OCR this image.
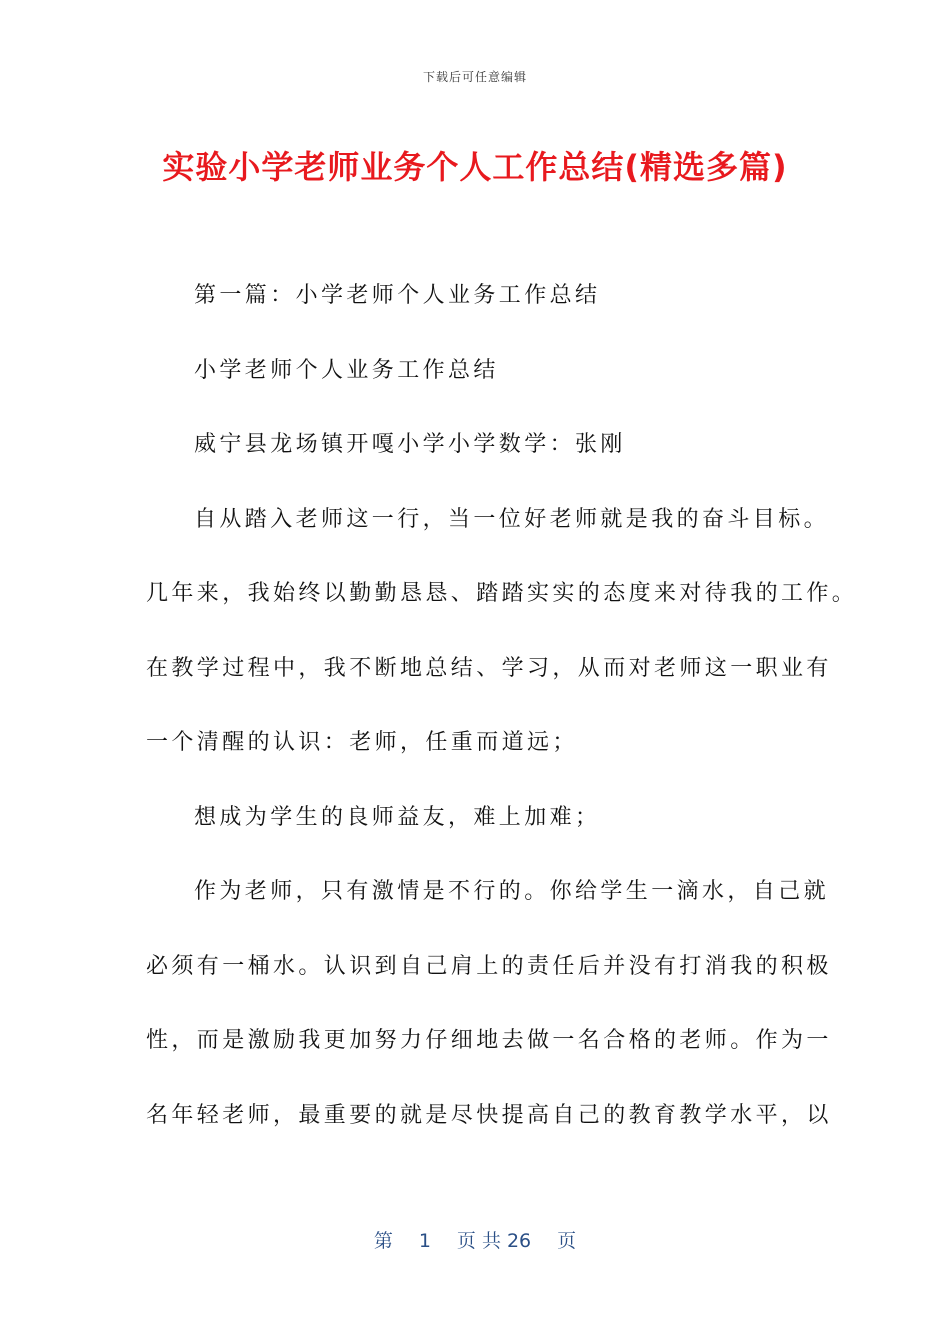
下载后可任意编辑
实验小学老师业务个人工作总结(精选多篇)
第一篇：小学老师个人业务工作总结
小学老师个人业务工作总结
威宁县龙场镇开嘎小学小学数学：张刚
自从踏入老师这一行，当一位好老师就是我的奋斗目标。
几年来，我始终以勤勤恳恳、踏踏实实的态度来对待我的工作。
在教学过程中，我不断地总结、学习，从而对老师这一职业有
一个清醒的认识：老师，任重而道远；
想成为学生的良师益友，难上加难；
作为老师，只有激情是不行的。你给学生一滴水，自己就
必须有一桶水。认识到自己肩上的责任后并没有打消我的积极
性，而是激励我更加努力仔细地去做一名合格的老师。作为一
名年轻老师，最重要的就是尽快提高自己的教育教学水平，以
第 1 页 共 26 页
